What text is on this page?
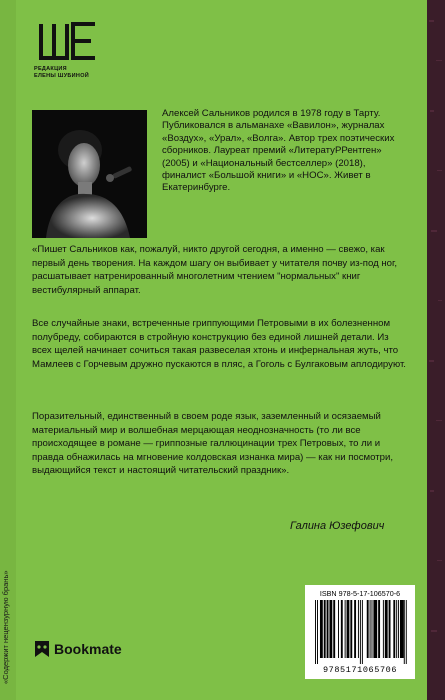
«Содержит нецензурную брань»
РЕДАКЦИЯ
ЕЛЕНЫ ШУБИНОЙ
Алексей Сальников родился в 1978 году в Тарту. Публиковался в альманахе «Вавилон», журналах «Воздух», «Урал», «Волга». Автор трех поэтических сборников. Лауреат премий «ЛитератуРРентген» (2005) и «Национальный бестселлер» (2018), финалист «Большой книги» и «НОС». Живет в Екатеринбурге.
«Пишет Сальников как, пожалуй, никто другой сегодня, а именно — свежо, как первый день творения. На каждом шагу он выбивает у читателя почву из-под ног, расшатывает натренированный многолетним чтением "нормальных" книг вестибулярный аппарат.
Все случайные знаки, встреченные гриппующими Петровыми в их болезненном полубреду, собираются в стройную конструкцию без единой лишней детали. Из всех щелей начинает сочиться такая развеселая хтонь и инфернальная жуть, что Мамлеев с Горчевым дружно пускаются в пляс, а Гоголь с Булгаковым аплодируют.
Поразительный, единственный в своем роде язык, заземленный и осязаемый материальный мир и волшебная мерцающая неоднозначность (то ли все происходящее в романе — гриппозные галлюцинации трех Петровых, то ли и правда обнажилась на мгновение колдовская изнанка мира) — как ни посмотри, выдающийся текст и настоящий читательский праздник».
Галина Юзефович
ISBN 978-5-17-106570-6
9785171065706
Bookmate
